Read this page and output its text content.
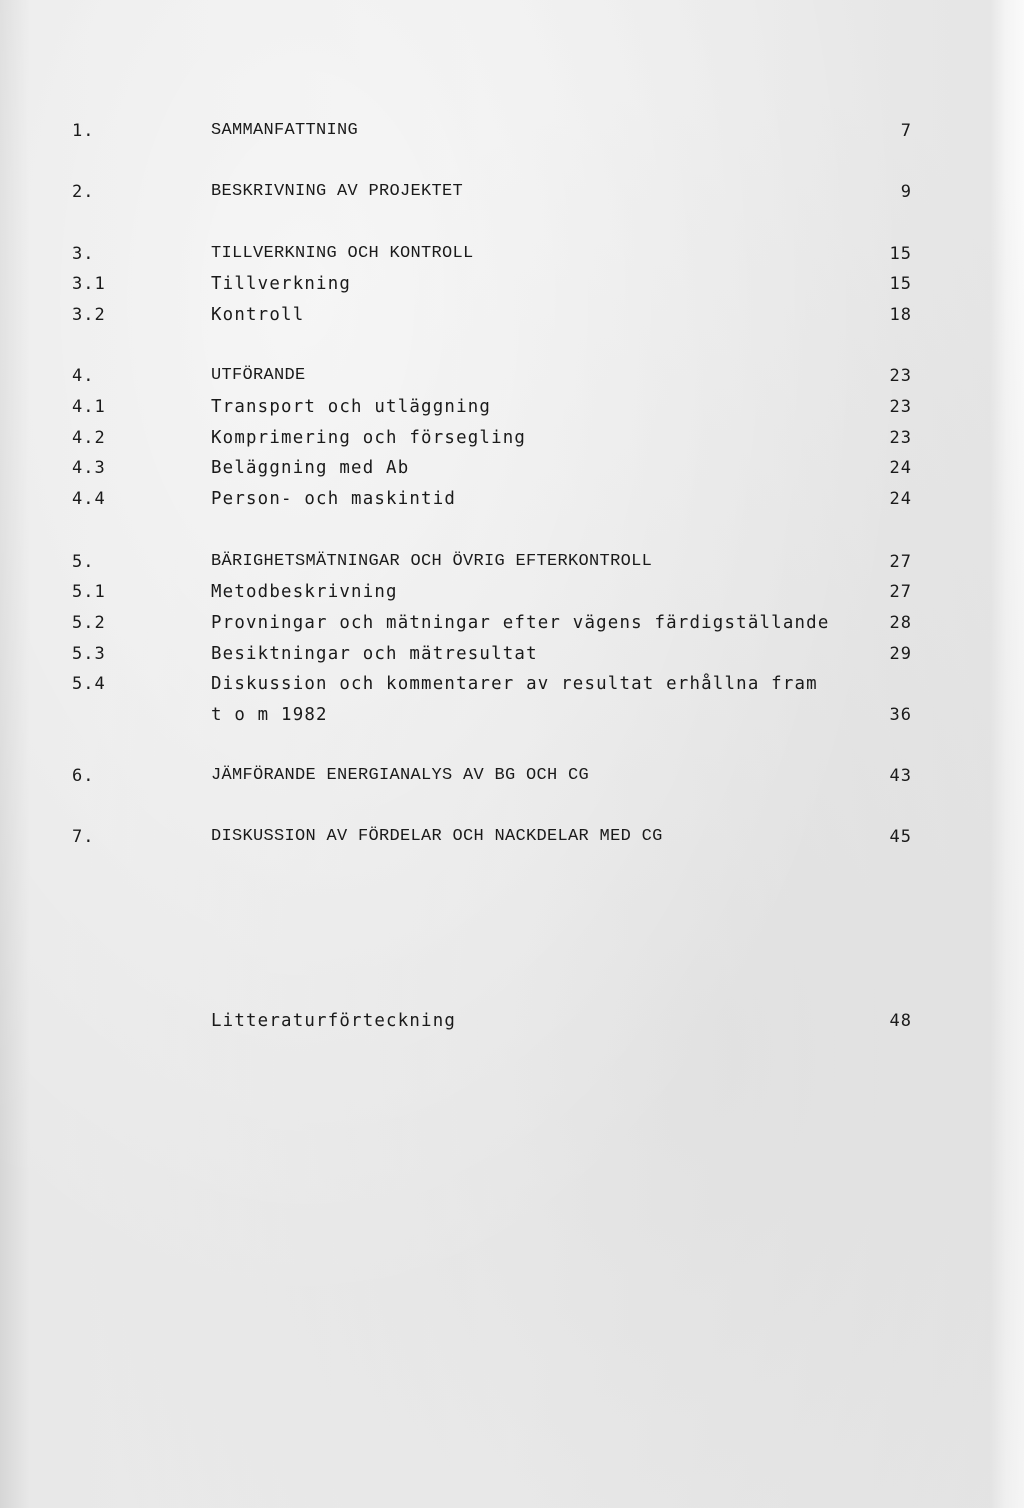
1.	SAMMANFATTNING	7
2.	BESKRIVNING AV PROJEKTET	9
3.	TILLVERKNING OCH KONTROLL	15
3.1	Tillverkning	15
3.2	Kontroll	18
4.	UTFÖRANDE	23
4.1	Transport och utläggning	23
4.2	Komprimering och försegling	23
4.3	Beläggning med Ab	24
4.4	Person- och maskintid	24
5.	BÄRIGHETSMÄTNINGAR OCH ÖVRIG EFTERKONTROLL	27
5.1	Metodbeskrivning	27
5.2	Provningar och mätningar efter vägens färdigställande	28
5.3	Besiktningar och mätresultat	29
5.4	Diskussion och kommentarer av resultat erhållna fram
t o m 1982	36
6.	JÄMFÖRANDE ENERGIANALYS AV BG OCH CG	43
7.	DISKUSSION AV FÖRDELAR OCH NACKDELAR MED CG	45
Litteraturförteckning	48
